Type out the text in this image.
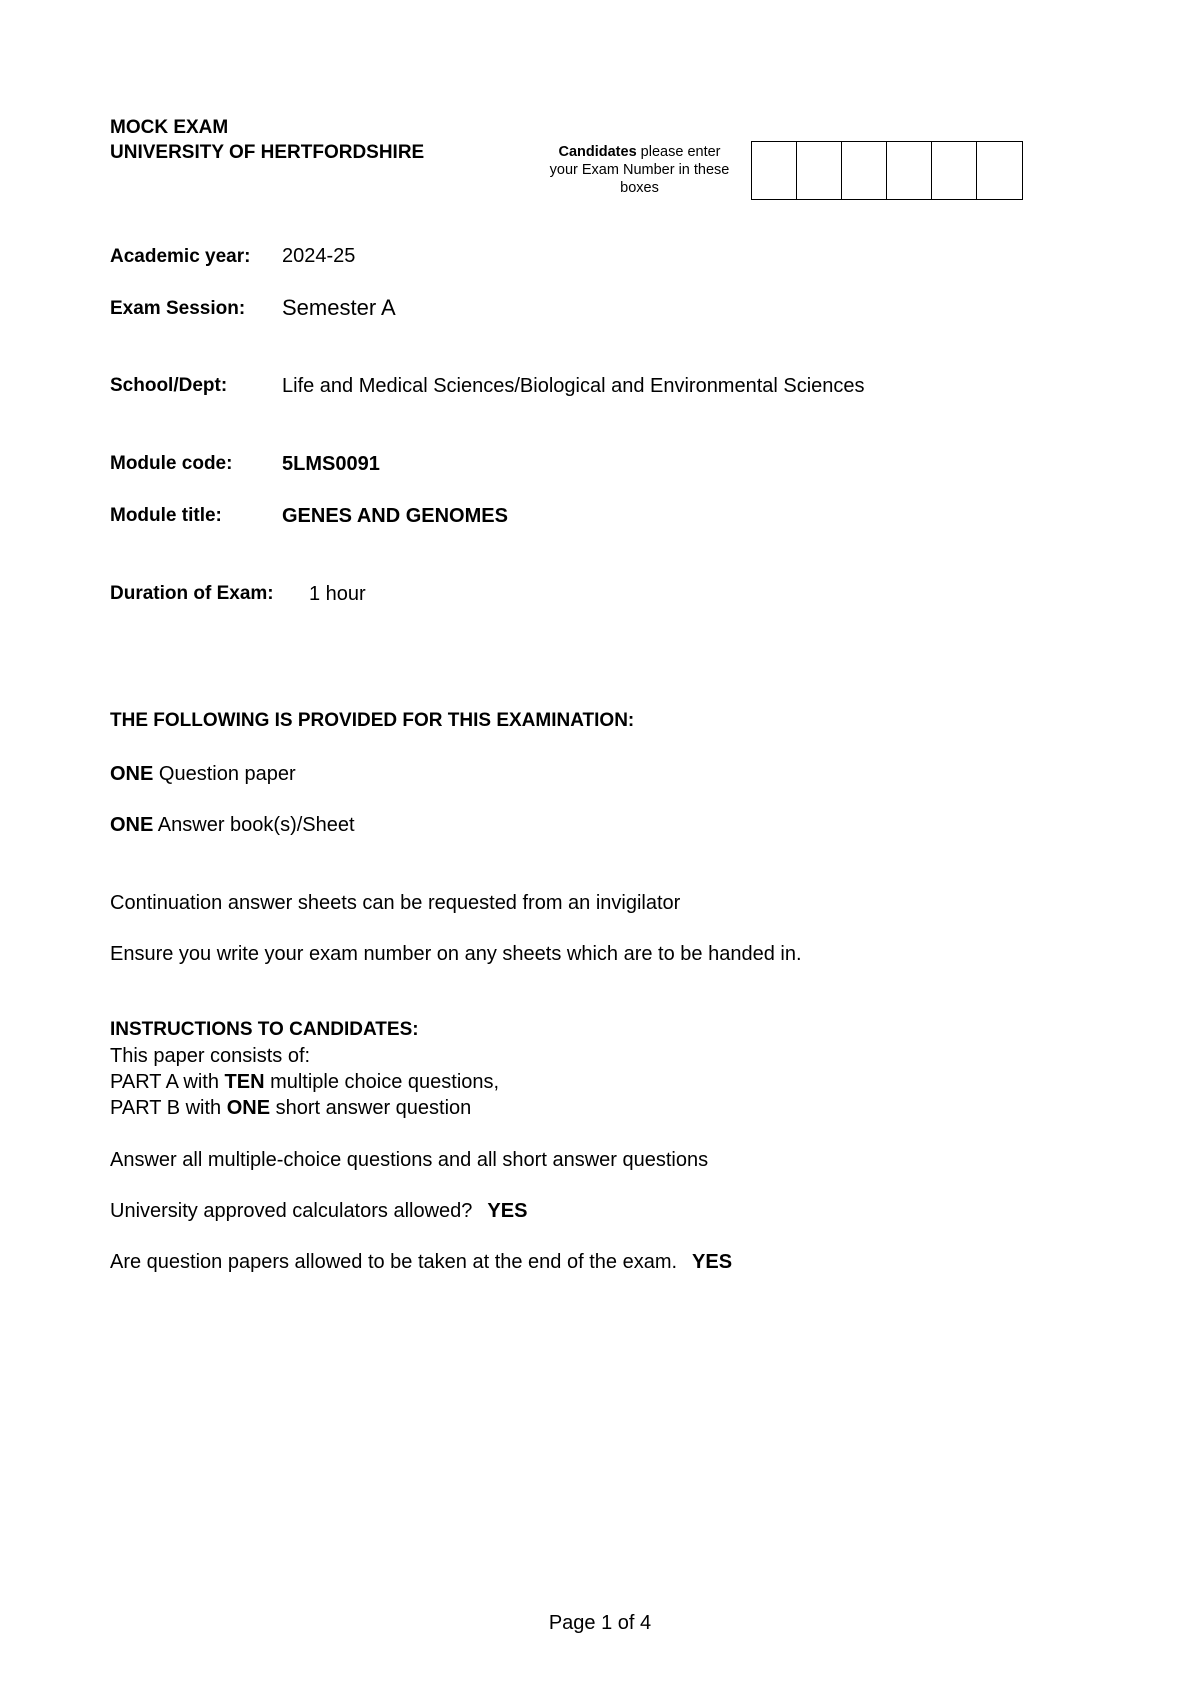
MOCK EXAM
UNIVERSITY OF HERTFORDSHIRE	Candidates please enter
your Exam Number in these
boxes
Academic year: 2024-25
Exam Session: Semester A
School/Dept:	Life and Medical Sciences/Biological and Environmental Sciences
Module code: 5LMS0091
Module title:	GENES AND GENOMES
Duration of Exam: 1 hour
THE FOLLOWING IS PROVIDED FOR THIS EXAMINATION:
ONE Question paper
ONE Answer book(s)/Sheet
Continuation answer sheets can be requested from an invigilator
Ensure you write your exam number on any sheets which are to be handed in.
INSTRUCTIONS TO CANDIDATES:
This paper consists of:
PART A with TEN multiple choice questions,
PART B with ONE short answer question
Answer all multiple-choice questions and all short answer questions
University approved calculators allowed? YES
Are question papers allowed to be taken at the end of the exam. YES
Page 1 of 4
